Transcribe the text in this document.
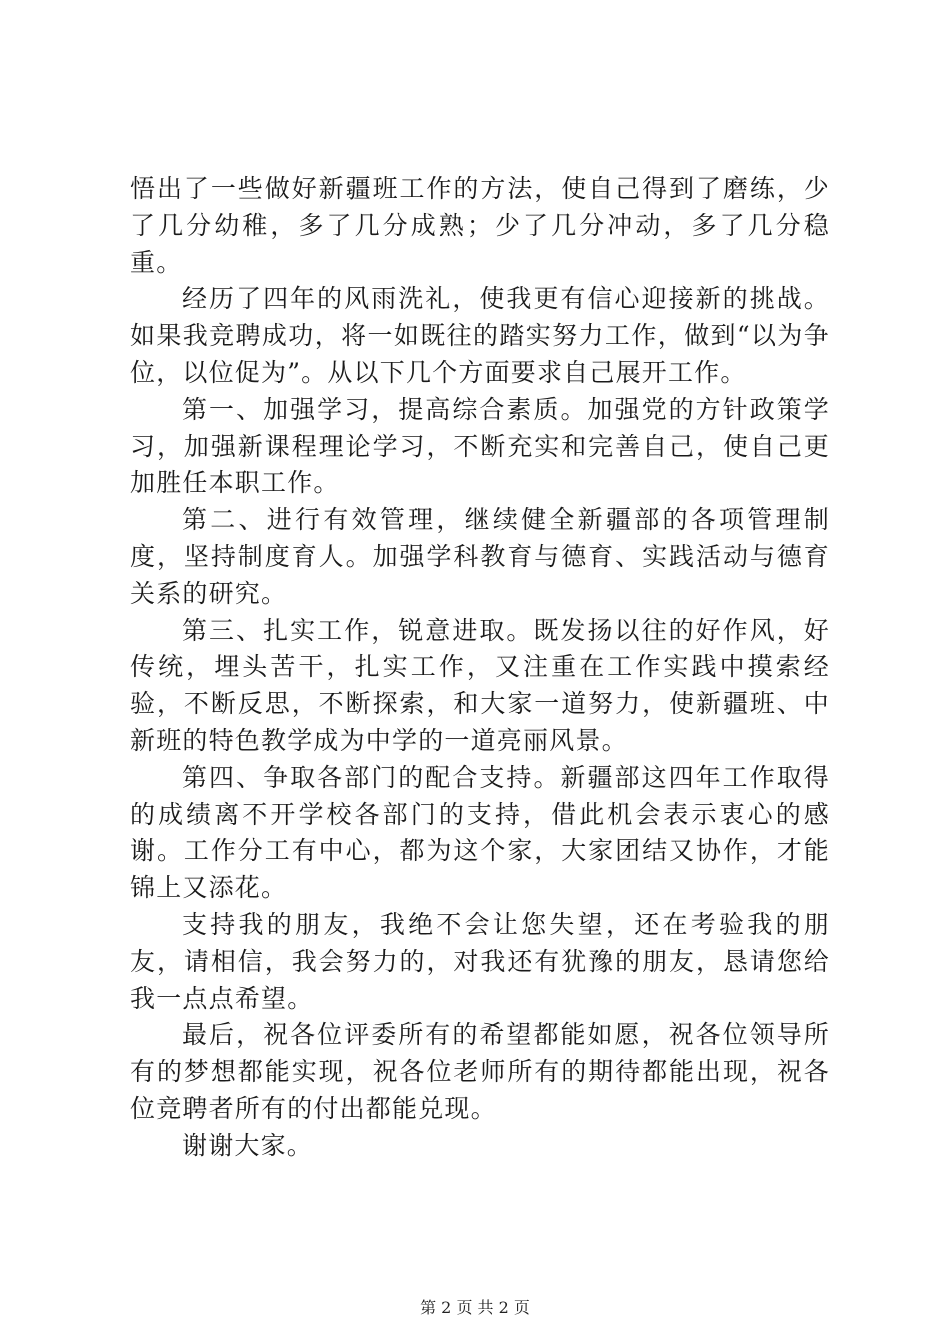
悟出了一些做好新疆班工作的方法，使自己得到了磨练，少了几分幼稚，多了几分成熟；少了几分冲动，多了几分稳重。

经历了四年的风雨洗礼，使我更有信心迎接新的挑战。如果我竞聘成功，将一如既往的踏实努力工作，做到“以为争位，以位促为”。从以下几个方面要求自己展开工作。

第一、加强学习，提高综合素质。加强党的方针政策学习，加强新课程理论学习，不断充实和完善自己，使自己更加胜任本职工作。

第二、进行有效管理，继续健全新疆部的各项管理制度，坚持制度育人。加强学科教育与德育、实践活动与德育关系的研究。

第三、扎实工作，锐意进取。既发扬以往的好作风，好传统，埋头苦干，扎实工作，又注重在工作实践中摸索经验，不断反思，不断探索，和大家一道努力，使新疆班、中新班的特色教学成为中学的一道亮丽风景。

第四、争取各部门的配合支持。新疆部这四年工作取得的成绩离不开学校各部门的支持，借此机会表示衷心的感谢。工作分工有中心，都为这个家，大家团结又协作，才能锦上又添花。

支持我的朋友，我绝不会让您失望，还在考验我的朋友，请相信，我会努力的，对我还有犹豫的朋友，恳请您给我一点点希望。

最后，祝各位评委所有的希望都能如愿，祝各位领导所有的梦想都能实现，祝各位老师所有的期待都能出现，祝各位竞聘者所有的付出都能兑现。

谢谢大家。

第 2 页 共 2 页
